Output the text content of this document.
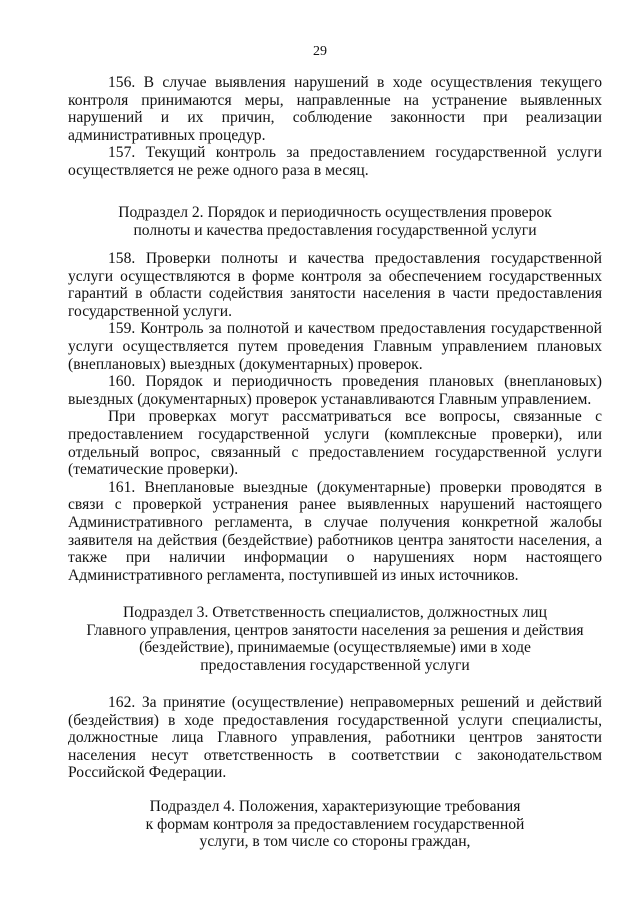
29

156. В случае выявления нарушений в ходе осуществления текущего контроля принимаются меры, направленные на устранение выявленных нарушений и их причин, соблюдение законности при реализации административных процедур.

157. Текущий контроль за предоставлением государственной услуги осуществляется не реже одного раза в месяц.

Подраздел 2. Порядок и периодичность осуществления проверок
полноты и качества предоставления государственной услуги

158. Проверки полноты и качества предоставления государственной услуги осуществляются в форме контроля за обеспечением государственных гарантий в области содействия занятости населения в части предоставления государственной услуги.

159. Контроль за полнотой и качеством предоставления государственной услуги осуществляется путем проведения Главным управлением плановых (внеплановых) выездных (документарных) проверок.

160. Порядок и периодичность проведения плановых (внеплановых) выездных (документарных) проверок устанавливаются Главным управлением.

При проверках могут рассматриваться все вопросы, связанные с предоставлением государственной услуги (комплексные проверки), или отдельный вопрос, связанный с предоставлением государственной услуги (тематические проверки).

161. Внеплановые выездные (документарные) проверки проводятся в связи с проверкой устранения ранее выявленных нарушений настоящего Административного регламента, в случае получения конкретной жалобы заявителя на действия (бездействие) работников центра занятости населения, а также при наличии информации о нарушениях норм настоящего Административного регламента, поступившей из иных источников.

Подраздел 3. Ответственность специалистов, должностных лиц
Главного управления, центров занятости населения за решения и действия
(бездействие), принимаемые (осуществляемые) ими в ходе
предоставления государственной услуги

162. За принятие (осуществление) неправомерных решений и действий (бездействия) в ходе предоставления государственной услуги специалисты, должностные лица Главного управления, работники центров занятости населения несут ответственность в соответствии с законодательством Российской Федерации.

Подраздел 4. Положения, характеризующие требования
к формам контроля за предоставлением государственной
услуги, в том числе со стороны граждан,
